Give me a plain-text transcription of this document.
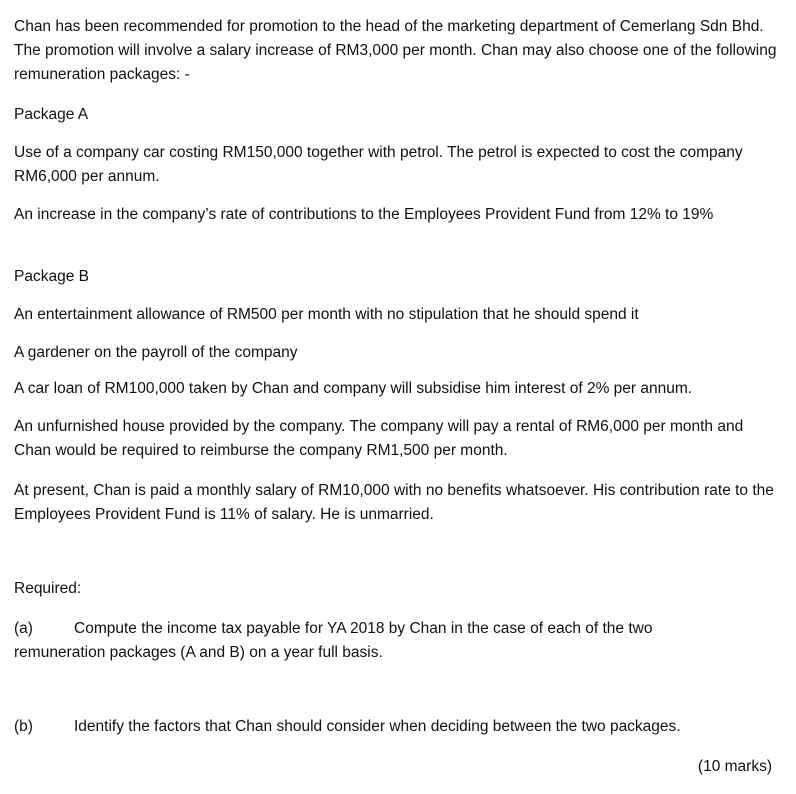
Chan has been recommended for promotion to the head of the marketing department of Cemerlang Sdn Bhd. The promotion will involve a salary increase of RM3,000 per month. Chan may also choose one of the following remuneration packages: -

Package A

Use of a company car costing RM150,000 together with petrol. The petrol is expected to cost the company RM6,000 per annum.

An increase in the company’s rate of contributions to the Employees Provident Fund from 12% to 19%

Package B

An entertainment allowance of RM500 per month with no stipulation that he should spend it

A gardener on the payroll of the company

A car loan of RM100,000 taken by Chan and company will subsidise him interest of 2% per annum.

An unfurnished house provided by the company. The company will pay a rental of RM6,000 per month and Chan would be required to reimburse the company RM1,500 per month.

At present, Chan is paid a monthly salary of RM10,000 with no benefits whatsoever. His contribution rate to the Employees Provident Fund is 11% of salary. He is unmarried.

Required:

(a)	Compute the income tax payable for YA 2018 by Chan in the case of each of the two

remuneration packages (A and B) on a year full basis.

(b)	Identify the factors that Chan should consider when deciding between the two packages.

(10 marks)
